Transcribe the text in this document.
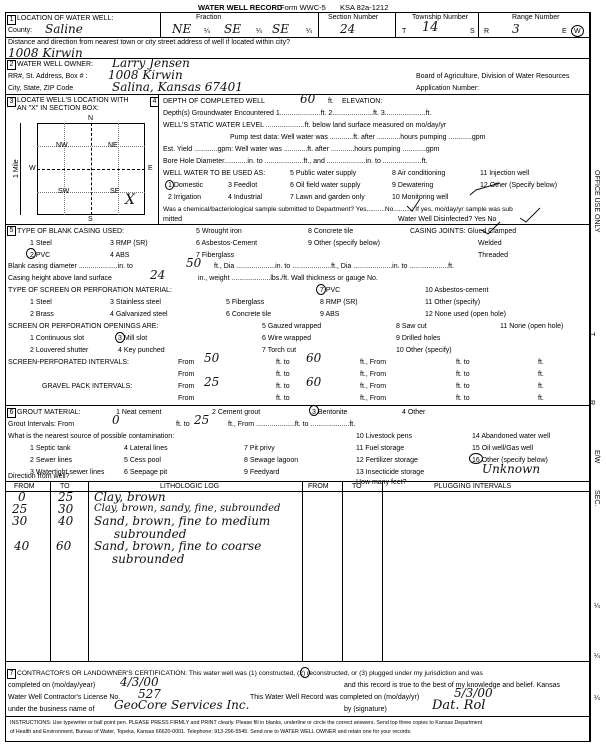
WATER WELL RECORD
Form WWC-5 KSA 82a-1212
1 LOCATION OF WATER WELL:
County: Saline
Fraction
NE ¼ SE ¼ SE ¼
Section Number
24
Township Number
T 14	S
Range Number
R 3	E W
Distance and direction from nearest town or city street address of well if located within city?
1008 Kirwin
2 WATER WELL OWNER: Larry Jensen
RR#, St. Address, Box # : 1008 Kirwin	Board of Agriculture, Division of Water Resources
City, State, ZIP Code	Salina, Kansas 67401	Application Number:
3 LOCATE WELL'S LOCATION WITH
AN "X" IN SECTION BOX:
N
S
W	E
NW	NE
SW	SE
X
1 Mile
4 DEPTH OF COMPLETED WELL	60 ft. ELEVATION:
Depth(s) Groundwater Encountered 1.....................ft. 2.....................ft. 3.....................ft.
WELL'S STATIC WATER LEVEL ....................ft. below land surface measured on mo/day/yr
Pump test data: Well water was ............ft. after ............hours pumping ............gpm
Est. Yield ............gpm: Well water was ............ft. after ............hours pumping ............gpm
Bore Hole Diameter............in. to ....................ft., and ....................in. to ....................ft.
WELL WATER TO BE USED AS:
1 Domestic
2 Irrigation
3 Feedlot
4 Industrial
5 Public water supply
6 Oil field water supply
7 Lawn and garden only
8 Air conditioning
9 Dewatering
10 Monitoring well
11 Injection well
12 Other (Specify below)
Was a chemical/bacteriological sample submitted to Department? Yes..........No..........; If yes, mo/day/yr sample was sub
mitted	Water Well Disinfected? Yes No
5 TYPE OF BLANK CASING USED:
1 Steel
2 PVC
3 RMP (SR)
4 ABS
5 Wrought iron
6 Asbestos-Cement
7 Fiberglass
8 Concrete tile
9 Other (specify below)
CASING JOINTS: Glued Clamped
Welded
Threaded
Blank casing diameter ....................in. to	50 ft., Dia ....................in. to ....................ft., Dia ....................in. to ....................ft.
Casing height above land surface	24	in., weight ....................lbs./ft. Wall thickness or gauge No.
TYPE OF SCREEN OR PERFORATION MATERIAL:
1 Steel
2 Brass
3 Stainless steel
4 Galvanized steel
5 Fiberglass
6 Concrete tile
7 PVC
8 RMP (SR)
9 ABS
10 Asbestos-cement
11 Other (specify)
12 None used (open hole)
SCREEN OR PERFORATION OPENINGS ARE:
1 Continuous slot
2 Louvered shutter
3 Mill slot
4 Key punched
5 Gauzed wrapped
6 Wire wrapped
7 Torch cut
8 Saw cut
9 Drilled holes
10 Other (specify)
11 None (open hole)
SCREEN-PERFORATED INTERVALS:	From 50	ft. to 60	ft., From	ft. to	ft.
From	ft. to	ft., From	ft. to	ft.
GRAVEL PACK INTERVALS:	From 25	ft. to 60	ft., From	ft. to	ft.
From	ft. to	ft., From	ft. to	ft.
6 GROUT MATERIAL:	1 Neat cement	2 Cement grout	3 Bentonite	4 Other
Grout Intervals: From	0	ft. to 25	ft., From ....................ft. to ....................ft.
What is the nearest source of possible contamination:
1 Septic tank
2 Sewer lines
3 Watertight sewer lines
4 Lateral lines
5 Cess pool
6 Seepage pit
7 Pit privy
8 Sewage lagoon
9 Feedyard
10 Livestock pens
11 Fuel storage
12 Fertilizer storage
13 Insecticide storage
14 Abandoned water well
15 Oil well/Gas well
16 Other (specify below)
Unknown
Direction from well?
How many feet?
FROM	TO	LITHOLOGIC LOG	FROM	TO	PLUGGING INTERVALS
0	25 Clay, brown
25	30 Clay, brown, sandy, fine, subrounded
30	40 Sand, brown, fine to medium
subrounded
40 60 Sand, brown, fine to coarse
subrounded
7 CONTRACTOR'S OR LANDOWNER'S CERTIFICATION: This water well was (1) constructed, (2) reconstructed, or (3) plugged under my jurisdiction and was
completed on (mo/day/year) 4/3/00	and this record is true to the best of my knowledge and belief. Kansas
Water Well Contractor's License No. 527	This Water Well Record was completed on (mo/day/yr)	5/3/00
under the business name of GeoCore Services Inc.	by (signature)	Dat. Rol
INSTRUCTIONS: Use typewriter or ball point pen. PLEASE PRESS FIRMLY and PRINT clearly. Please fill in blanks, underline or circle the correct answers. Send top three copies to Kansas Department
of Health and Environment, Bureau of Water, Topeka, Kansas 66620-0001. Telephone: 913-296-5545. Send one to WATER WELL OWNER and retain one for your records.
OFFICE USE ONLY
T
R
E/W
SEC.
¼
¼
¼
